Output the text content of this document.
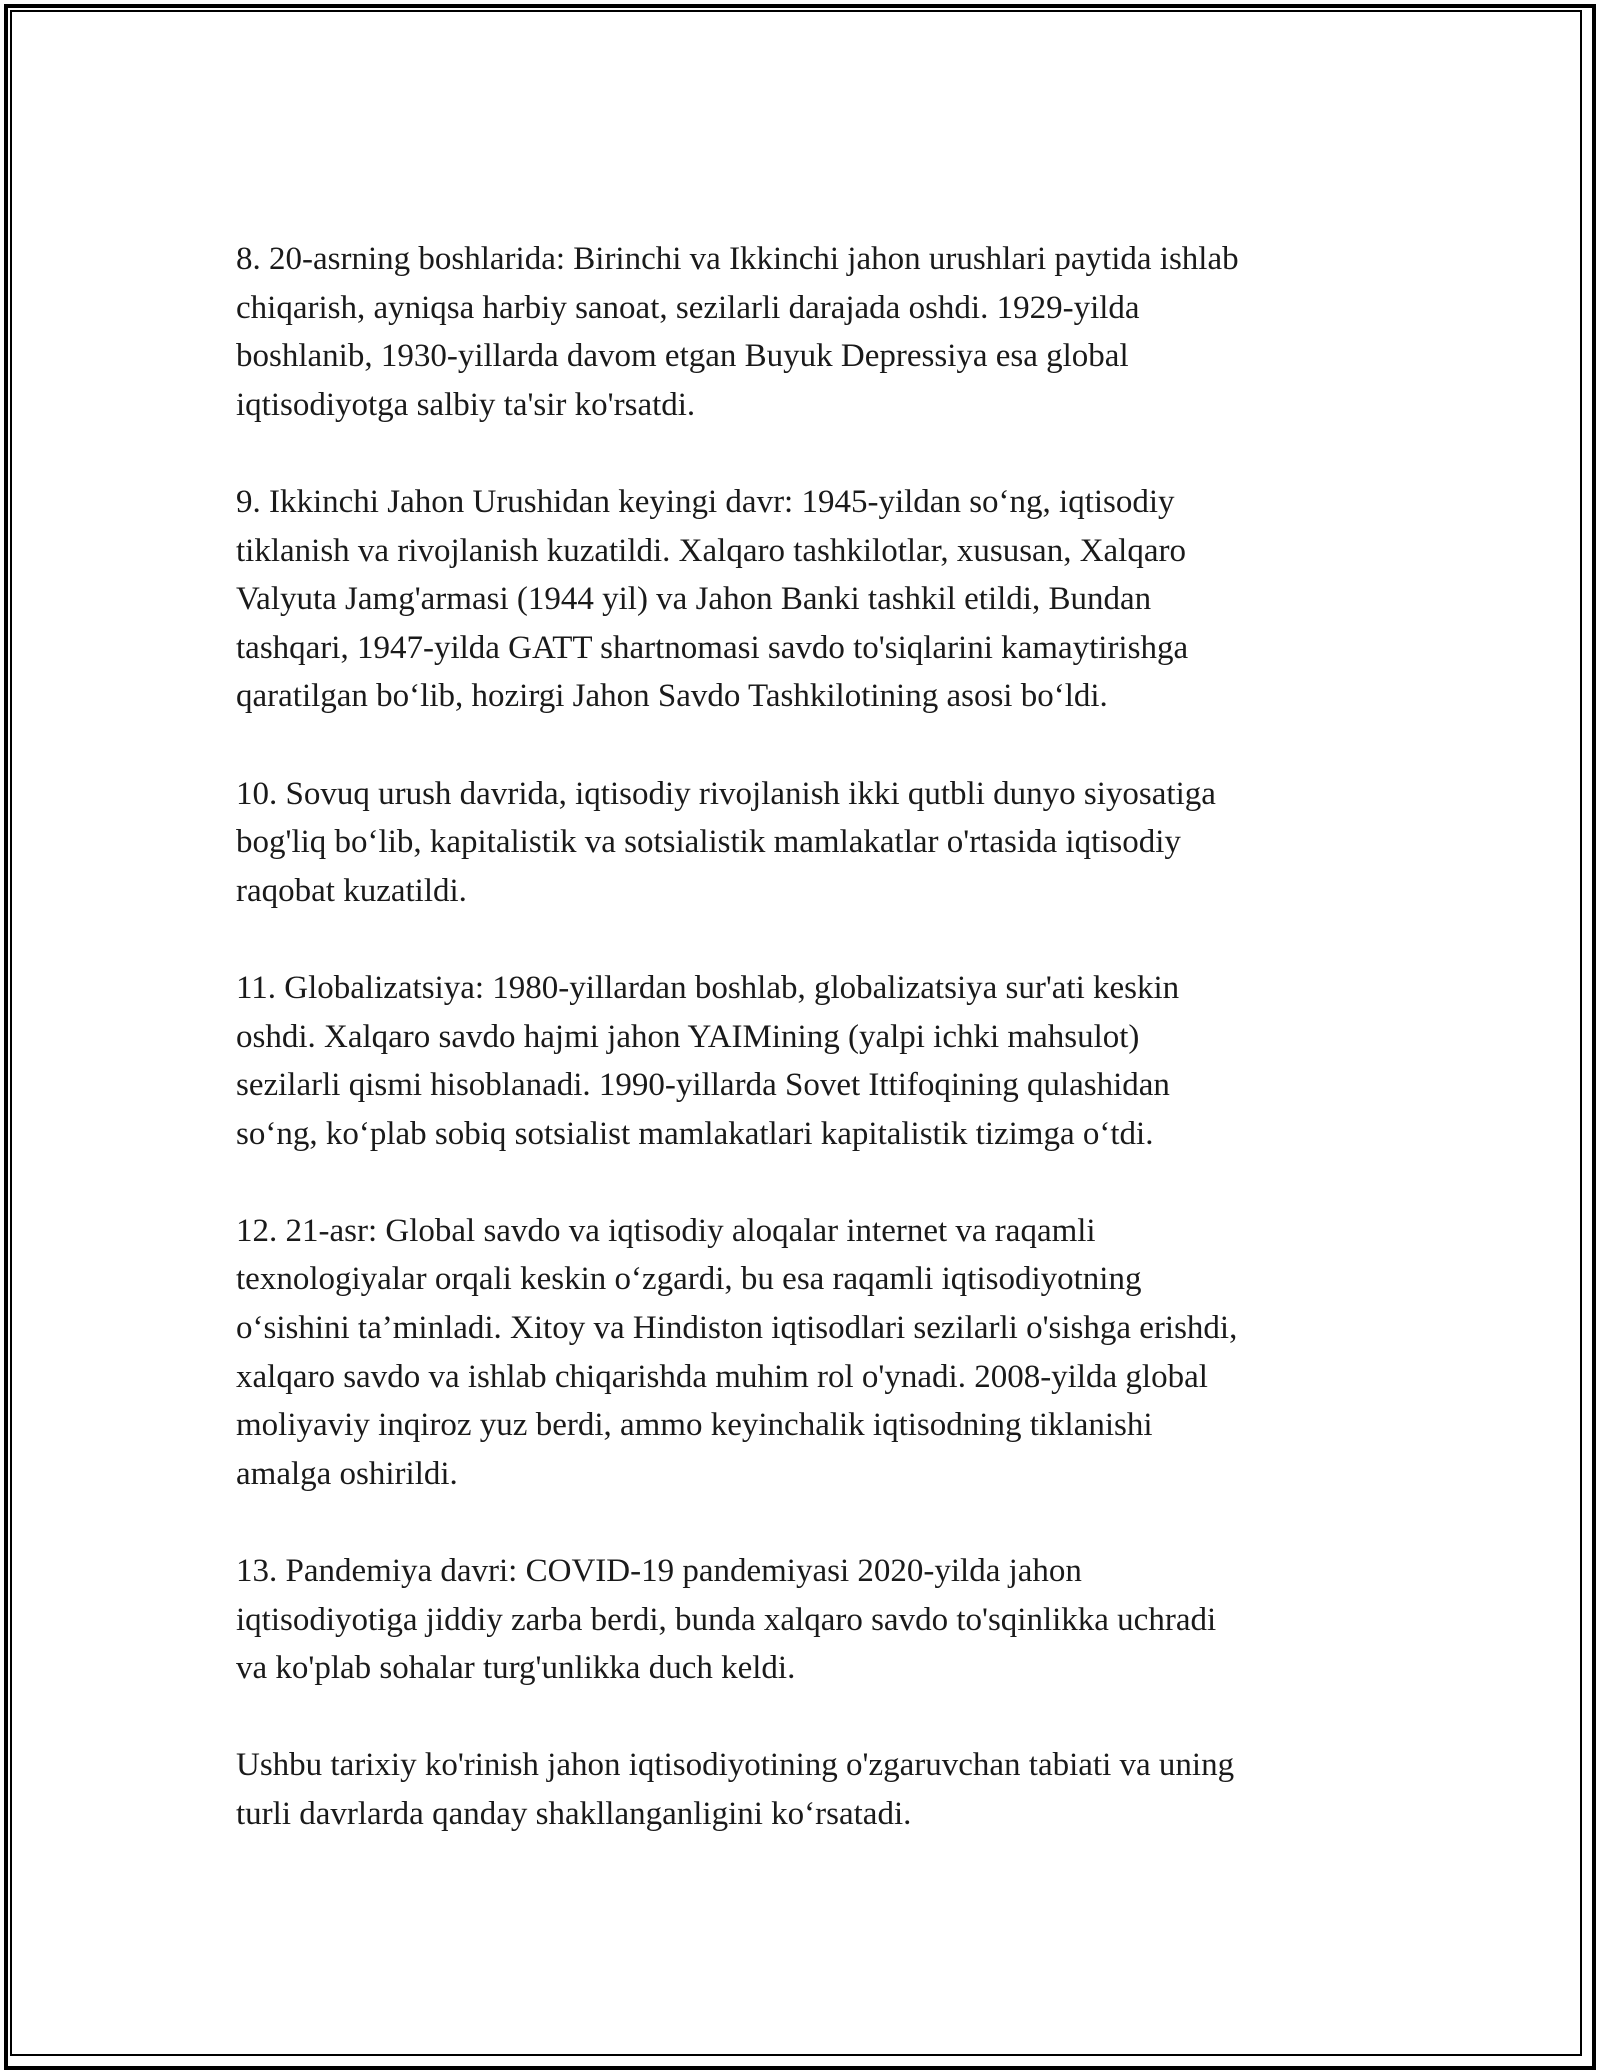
8. 20-asrning boshlarida: Birinchi va Ikkinchi jahon urushlari paytida ishlab
chiqarish, ayniqsa harbiy sanoat, sezilarli darajada oshdi. 1929-yilda
boshlanib, 1930-yillarda davom etgan Buyuk Depressiya esa global
iqtisodiyotga salbiy ta'sir ko'rsatdi.

9. Ikkinchi Jahon Urushidan keyingi davr: 1945-yildan so‘ng, iqtisodiy
tiklanish va rivojlanish kuzatildi. Xalqaro tashkilotlar, xususan, Xalqaro
Valyuta Jamg'armasi (1944 yil) va Jahon Banki tashkil etildi, Bundan
tashqari, 1947-yilda GATT shartnomasi savdo to'siqlarini kamaytirishga
qaratilgan bo‘lib, hozirgi Jahon Savdo Tashkilotining asosi bo‘ldi.

10. Sovuq urush davrida, iqtisodiy rivojlanish ikki qutbli dunyo siyosatiga
bog'liq bo‘lib, kapitalistik va sotsialistik mamlakatlar o'rtasida iqtisodiy
raqobat kuzatildi.

11. Globalizatsiya: 1980-yillardan boshlab, globalizatsiya sur'ati keskin
oshdi. Xalqaro savdo hajmi jahon YAIMining (yalpi ichki mahsulot)
sezilarli qismi hisoblanadi. 1990-yillarda Sovet Ittifoqining qulashidan
so‘ng, ko‘plab sobiq sotsialist mamlakatlari kapitalistik tizimga o‘tdi.

12. 21-asr: Global savdo va iqtisodiy aloqalar internet va raqamli
texnologiyalar orqali keskin o‘zgardi, bu esa raqamli iqtisodiyotning
o‘sishini ta’minladi. Xitoy va Hindiston iqtisodlari sezilarli o'sishga erishdi,
xalqaro savdo va ishlab chiqarishda muhim rol o'ynadi. 2008-yilda global
moliyaviy inqiroz yuz berdi, ammo keyinchalik iqtisodning tiklanishi
amalga oshirildi.

13. Pandemiya davri: COVID-19 pandemiyasi 2020-yilda jahon
iqtisodiyotiga jiddiy zarba berdi, bunda xalqaro savdo to'sqinlikka uchradi
va ko'plab sohalar turg'unlikka duch keldi.

Ushbu tarixiy ko'rinish jahon iqtisodiyotining o'zgaruvchan tabiati va uning
turli davrlarda qanday shakllanganligini ko‘rsatadi.
